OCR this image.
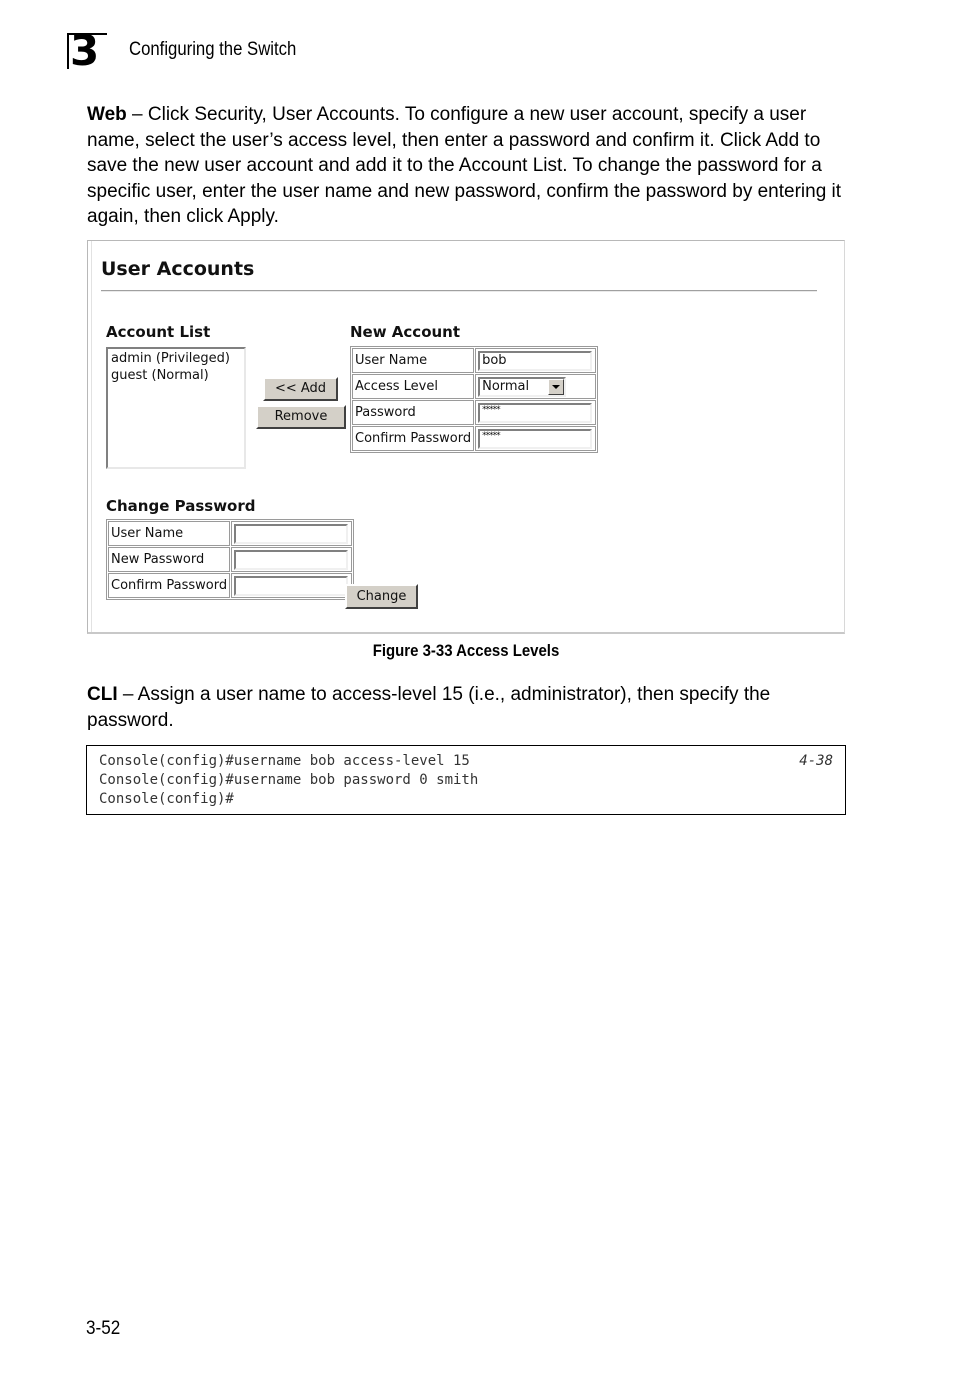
3 Configuring the Switch

Web – Click Security, User Accounts. To configure a new user account, specify a user name, select the user’s access level, then enter a password and confirm it. Click Add to save the new user account and add it to the Account List. To change the password for a specific user, enter the user name and new password, confirm the password by entering it again, then click Apply.

User Accounts
Account List
admin (Privileged)
guest (Normal)
<< Add
Remove
New Account
User Name	bob

Access Level	Normal

Password	*****

Confirm Password	*****
Change Password
User Name	

New Password	

Confirm Password	
Change
Figure 3-33 Access Levels

CLI – Assign a user name to access-level 15 (i.e., administrator), then specify the password.

Console(config)#username bob access-level 15	4-38
Console(config)#username bob password 0 smith
Console(config)#
3-52
